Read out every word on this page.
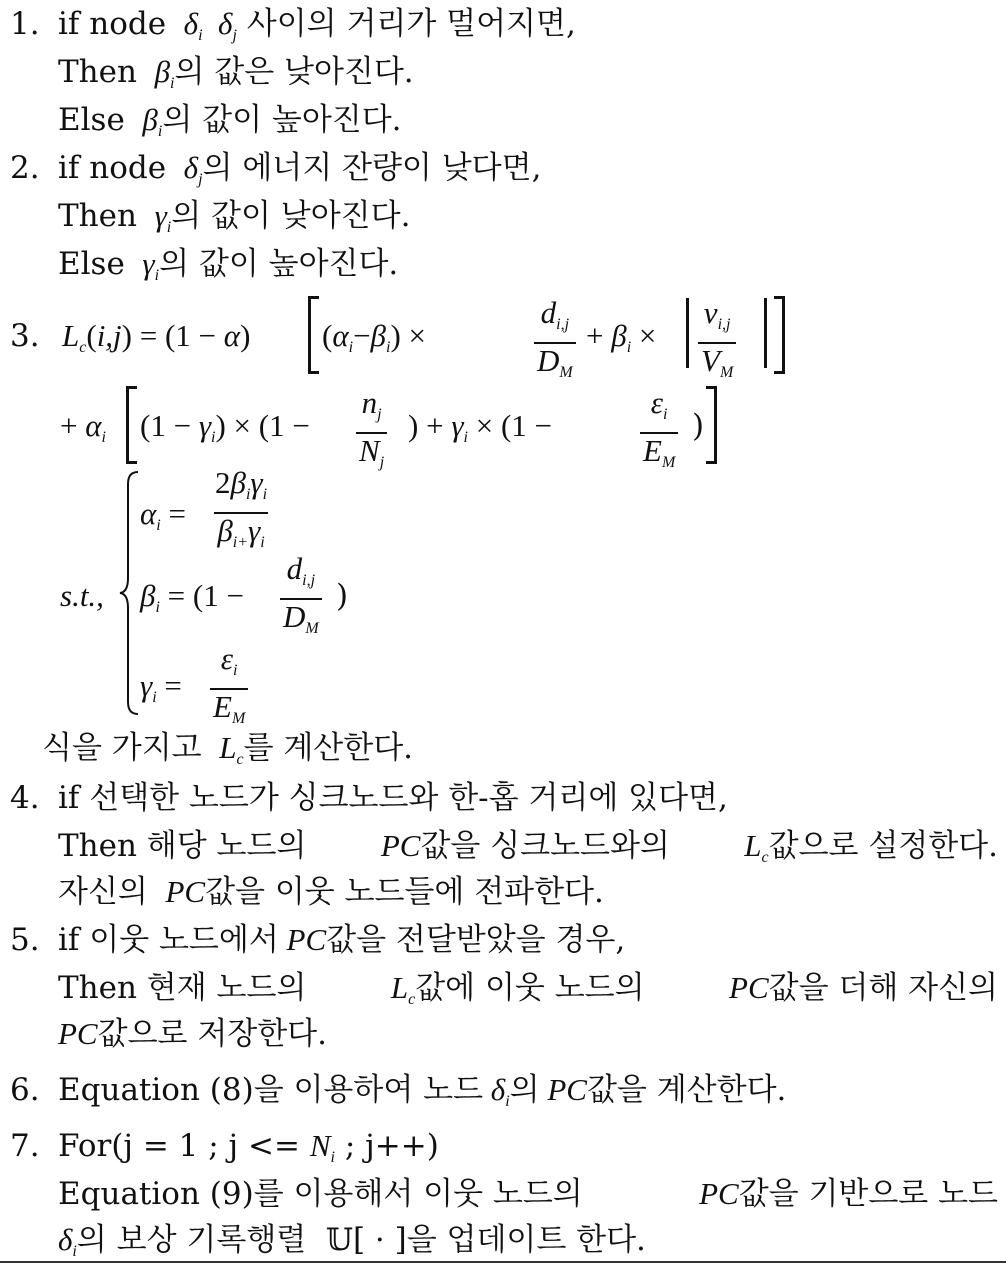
1. if node  $\delta_i$  $\delta_j$ 사이의 거리가 멀어지면,
Then  $\beta_i$의 값은 낮아진다.
Else  $\beta_i$의 값이 높아진다.
2. if node  $\delta_j$의 에너지 잔량이 낮다면,
Then  $\gamma_i$의 값이 낮아진다.
Else  $\gamma_i$의 값이 높아진다.
3. $L_c(i,j) = (1 - \alpha) (\alpha_i-\beta_i)$ ×	$\frac{d_{i,j}}{D_M} + \beta_i \times \frac{v_{i,j}}{V_M}$
+ $\alpha_i$ $(1 - \gamma_i) \times (1 - \frac{n_j}{N_j}$ ) + $\gamma_i \times (1$ −	$\frac{\varepsilon_i}{E_M}$ )
s.t.,
$\alpha_i$ =
$2\beta_i\gamma_i$
$\beta_{i+}\gamma_i$
$\beta_i = (1 - \frac{d_{i,j}}{D_M}$ )
$\gamma_i = \frac{\varepsilon_i}{E_M}$
식을 가지고  $L_c$를 계산한다.
4. if 선택한 노드가 싱크노드와 한-홉 거리에 있다면,
Then 해당 노드의 PC값을 싱크노드와의 $L_c$값으로 설정한다.
자신의  PC값을 이웃 노드들에 전파한다.
5. if 이웃 노드에서 PC값을 전달받았을 경우,
Then 현재 노드의	$L_c$값에 이웃 노드의	PC값을 더해 자신의
PC값으로 저장한다.
6. Equation (8)을 이용하여 노드 $\delta_i$의 PC값을 계산한다.
7. For(j = 1 ; $j <= N_i$ ; j++)
Equation (9)를 이용해서 이웃 노드의	PC값을 기반으로 노드
$\delta_i$의 보상 기록행렬  𝕌[ · ]을 업데이트 한다.
